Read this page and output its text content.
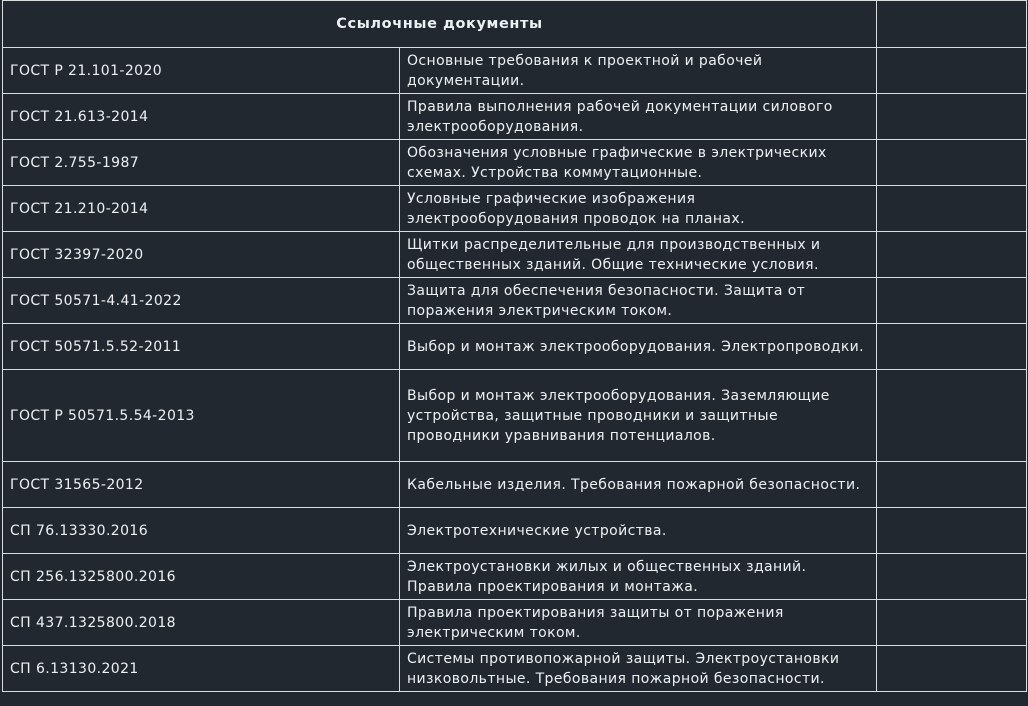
Ссылочные документы		
ГОСТ Р 21.101-2020	Основные требования к проектной и рабочей документации.	
ГОСТ 21.613-2014	Правила выполнения рабочей документации силового электрооборудования.	
ГОСТ 2.755-1987	Обозначения условные графические в электрических схемах. Устройства коммутационные.	
ГОСТ 21.210-2014	Условные графические изображения электрооборудования проводок на планах.	
ГОСТ 32397-2020	Щитки распределительные для производственных и общественных зданий. Общие технические условия.	
ГОСТ 50571-4.41-2022	Защита для обеспечения безопасности. Защита от поражения электрическим током.	
ГОСТ 50571.5.52-2011	Выбор и монтаж электрооборудования. Электропроводки.	
ГОСТ Р 50571.5.54-2013	Выбор и монтаж электрооборудования. Заземляющие устройства, защитные проводники и защитные проводники уравнивания потенциалов.	
ГОСТ 31565-2012	Кабельные изделия. Требования пожарной безопасности.	
СП 76.13330.2016	Электротехнические устройства.	
СП 256.1325800.2016	Электроустановки жилых и общественных зданий. Правила проектирования и монтажа.	
СП 437.1325800.2018	Правила проектирования защиты от поражения электрическим током.	
СП 6.13130.2021	Системы противопожарной защиты. Электроустановки низковольтные. Требования пожарной безопасности.	
